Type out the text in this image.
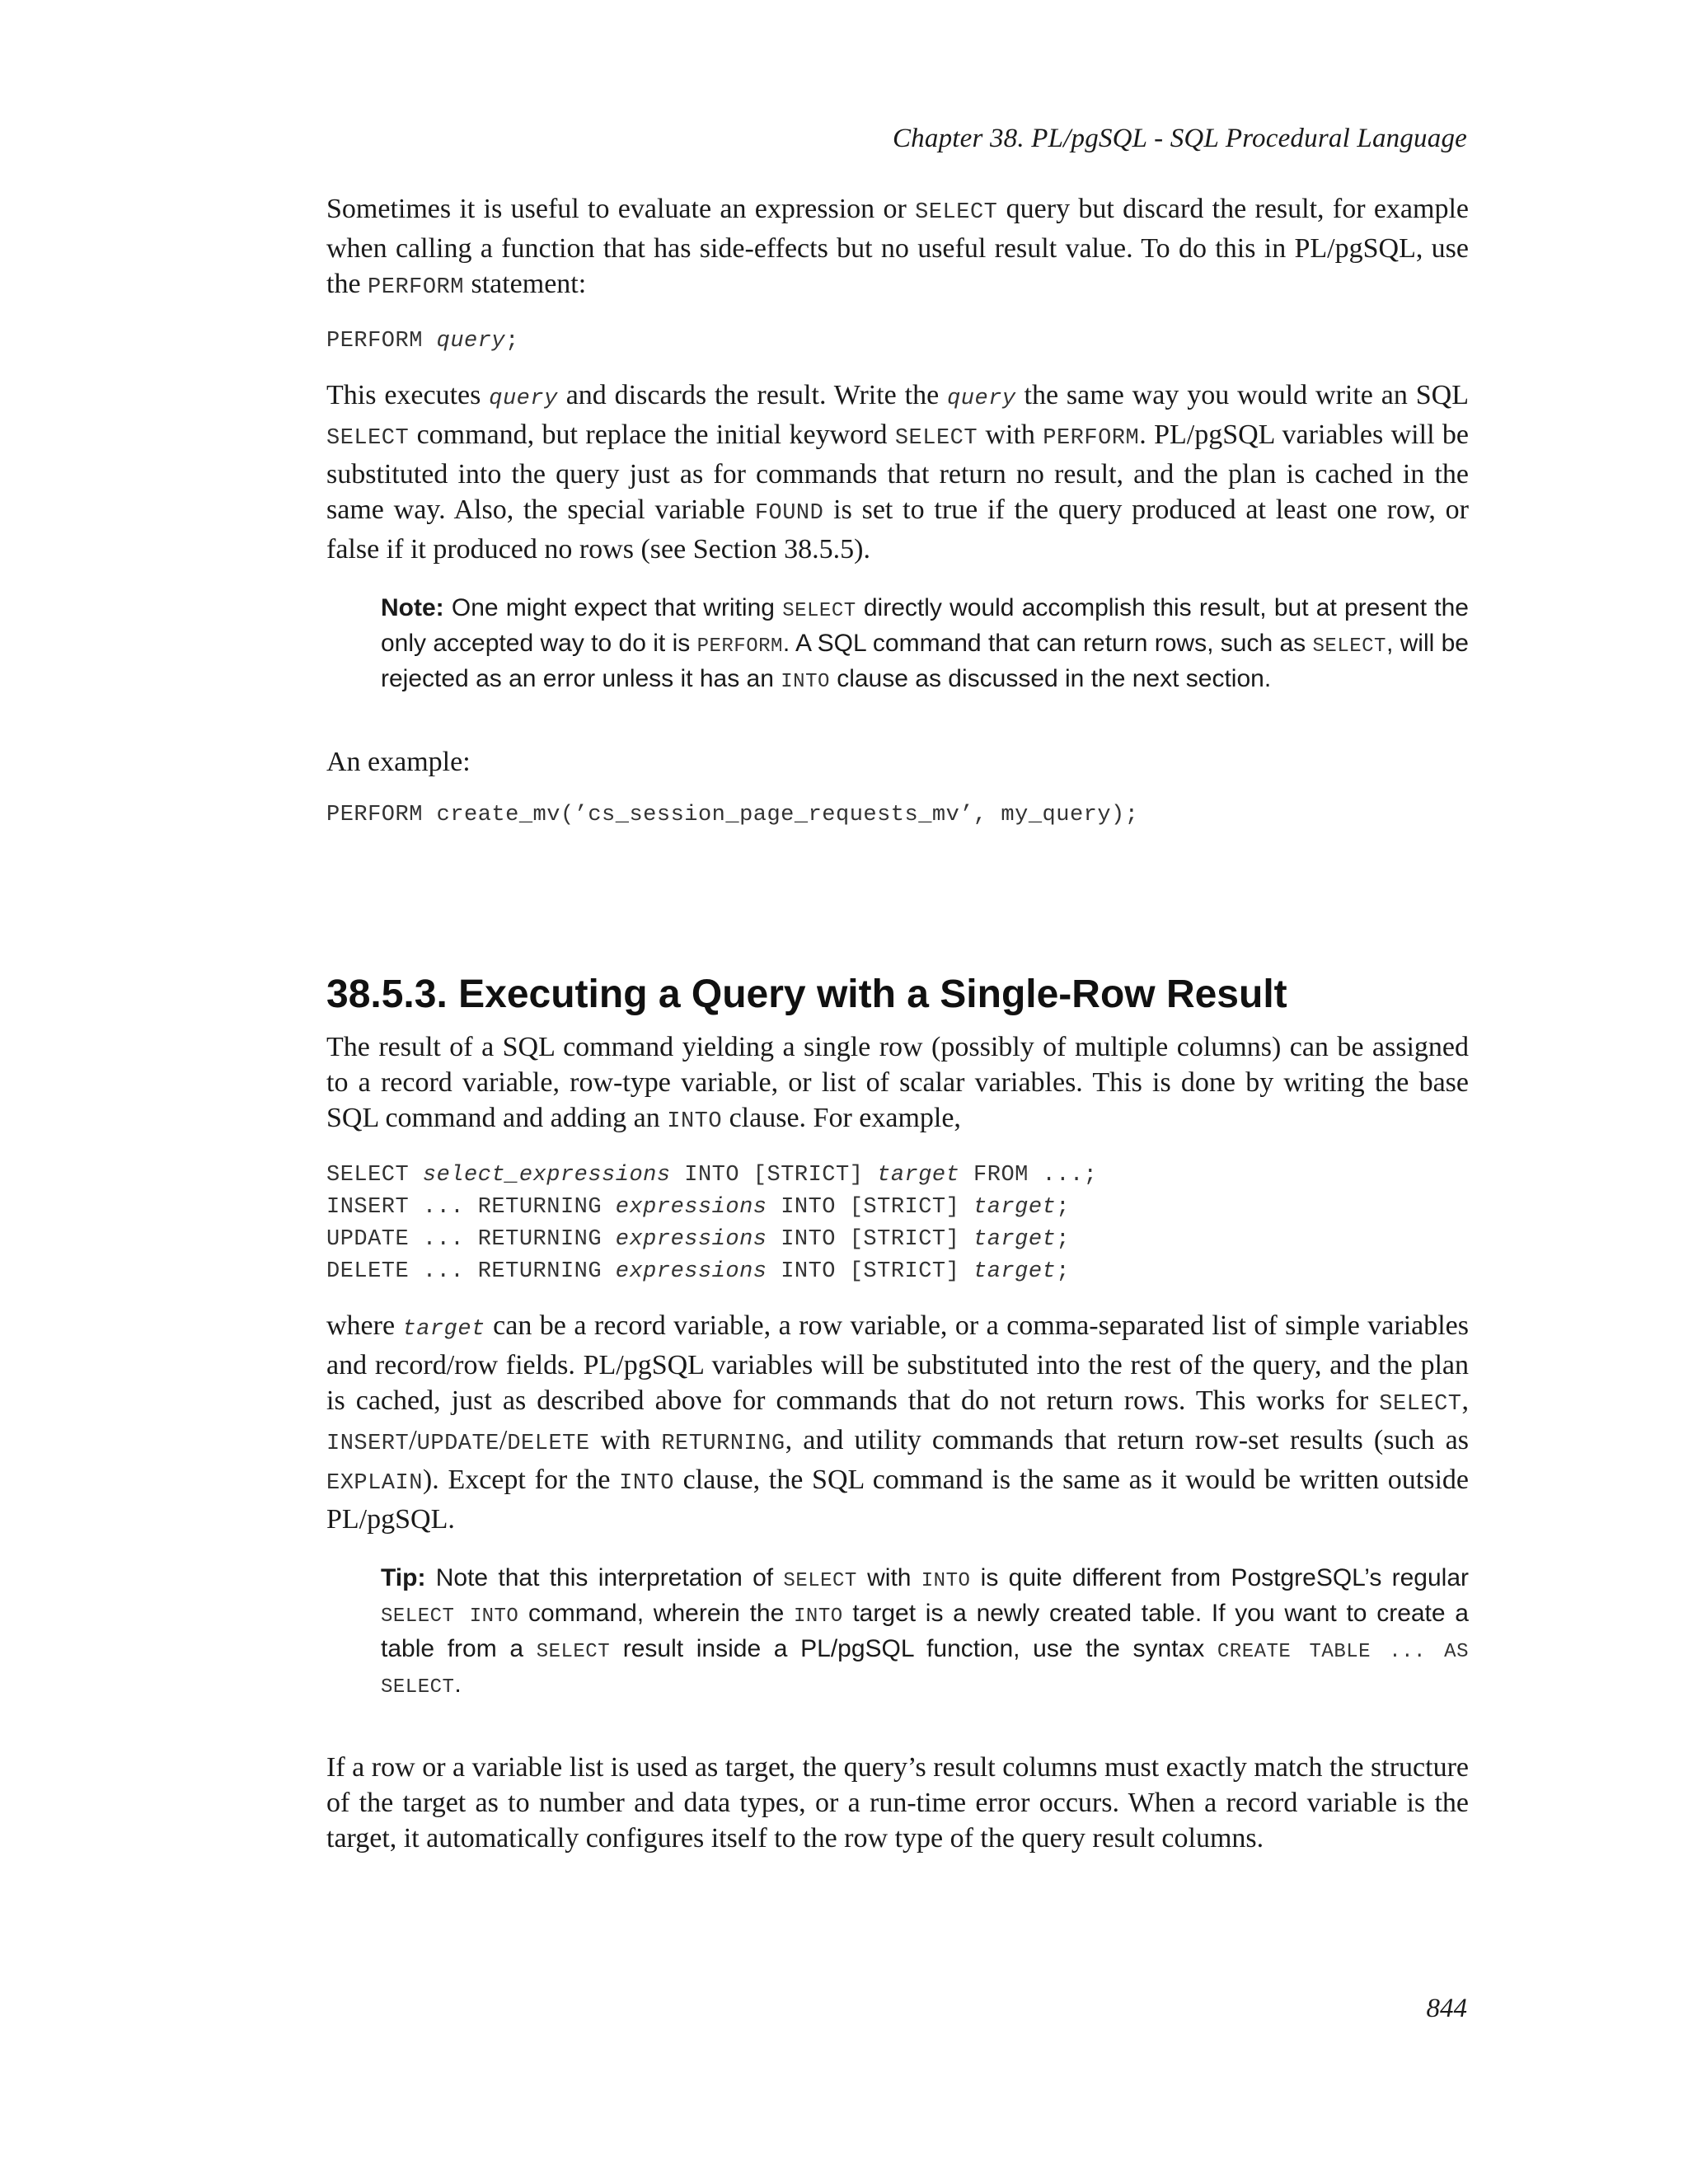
Chapter 38. PL/pgSQL - SQL Procedural Language

Sometimes it is useful to evaluate an expression or SELECT query but discard the result, for example when calling a function that has side-effects but no useful result value. To do this in PL/pgSQL, use the PERFORM statement:

PERFORM query;

This executes query and discards the result. Write the query the same way you would write an SQL SELECT command, but replace the initial keyword SELECT with PERFORM. PL/pgSQL variables will be substituted into the query just as for commands that return no result, and the plan is cached in the same way. Also, the special variable FOUND is set to true if the query produced at least one row, or false if it produced no rows (see Section 38.5.5).

Note: One might expect that writing SELECT directly would accomplish this result, but at present the only accepted way to do it is PERFORM. A SQL command that can return rows, such as SELECT, will be rejected as an error unless it has an INTO clause as discussed in the next section.

An example:

PERFORM create_mv(’cs_session_page_requests_mv’, my_query);
38.5.3. Executing a Query with a Single-Row Result

The result of a SQL command yielding a single row (possibly of multiple columns) can be assigned to a record variable, row-type variable, or list of scalar variables. This is done by writing the base SQL command and adding an INTO clause. For example,

SELECT select_expressions INTO [STRICT] target FROM ...;
INSERT ... RETURNING expressions INTO [STRICT] target;
UPDATE ... RETURNING expressions INTO [STRICT] target;
DELETE ... RETURNING expressions INTO [STRICT] target;

where target can be a record variable, a row variable, or a comma-separated list of simple variables and record/row fields. PL/pgSQL variables will be substituted into the rest of the query, and the plan is cached, just as described above for commands that do not return rows. This works for SELECT, INSERT/UPDATE/DELETE with RETURNING, and utility commands that return row-set results (such as EXPLAIN). Except for the INTO clause, the SQL command is the same as it would be written outside PL/pgSQL.

Tip: Note that this interpretation of SELECT with INTO is quite different from PostgreSQL’s regular SELECT INTO command, wherein the INTO target is a newly created table. If you want to create a table from a SELECT result inside a PL/pgSQL function, use the syntax CREATE TABLE ... AS SELECT.

If a row or a variable list is used as target, the query’s result columns must exactly match the structure of the target as to number and data types, or a run-time error occurs. When a record variable is the target, it automatically configures itself to the row type of the query result columns.

844
